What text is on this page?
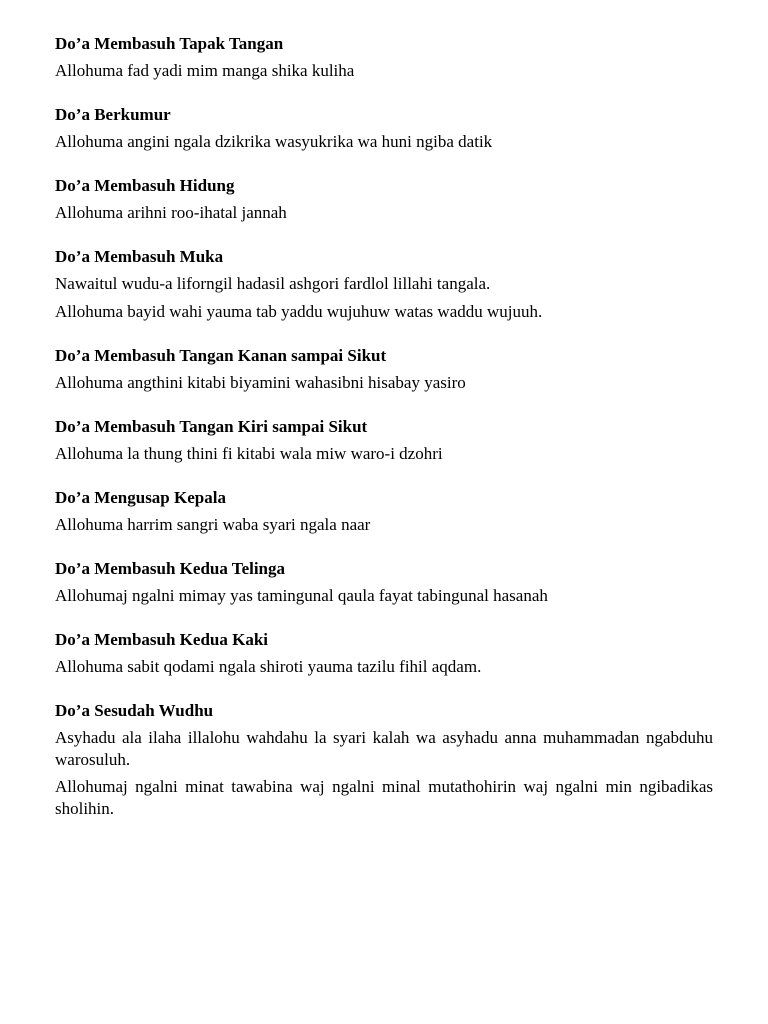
Do’a Membasuh Tapak Tangan
Allohuma fad yadi mim manga shika kuliha
Do’a Berkumur
Allohuma angini ngala dzikrika wasyukrika wa huni ngiba datik
Do’a Membasuh Hidung
Allohuma arihni roo-ihatal jannah
Do’a Membasuh Muka
Nawaitul wudu-a liforngil hadasil ashgori fardlol lillahi tangala.
Allohuma bayid wahi yauma tab yaddu wujuhuw watas waddu wujuuh.
Do’a Membasuh Tangan Kanan sampai Sikut
Allohuma angthini kitabi biyamini wahasibni hisabay yasiro
Do’a Membasuh Tangan Kiri sampai Sikut
Allohuma la thung thini fi kitabi wala miw waro-i dzohri
Do’a Mengusap Kepala
Allohuma harrim sangri waba syari ngala naar
Do’a Membasuh Kedua Telinga
Allohumaj ngalni mimay yas tamingunal qaula fayat tabingunal hasanah
Do’a Membasuh Kedua Kaki
Allohuma sabit qodami ngala shiroti yauma tazilu fihil aqdam.
Do’a Sesudah Wudhu
Asyhadu ala ilaha illalohu wahdahu la syari kalah wa asyhadu anna muhammadan ngabduhu warosuluh.
Allohumaj ngalni minat tawabina waj ngalni minal mutathohirin waj ngalni min ngibadikas sholihin.
